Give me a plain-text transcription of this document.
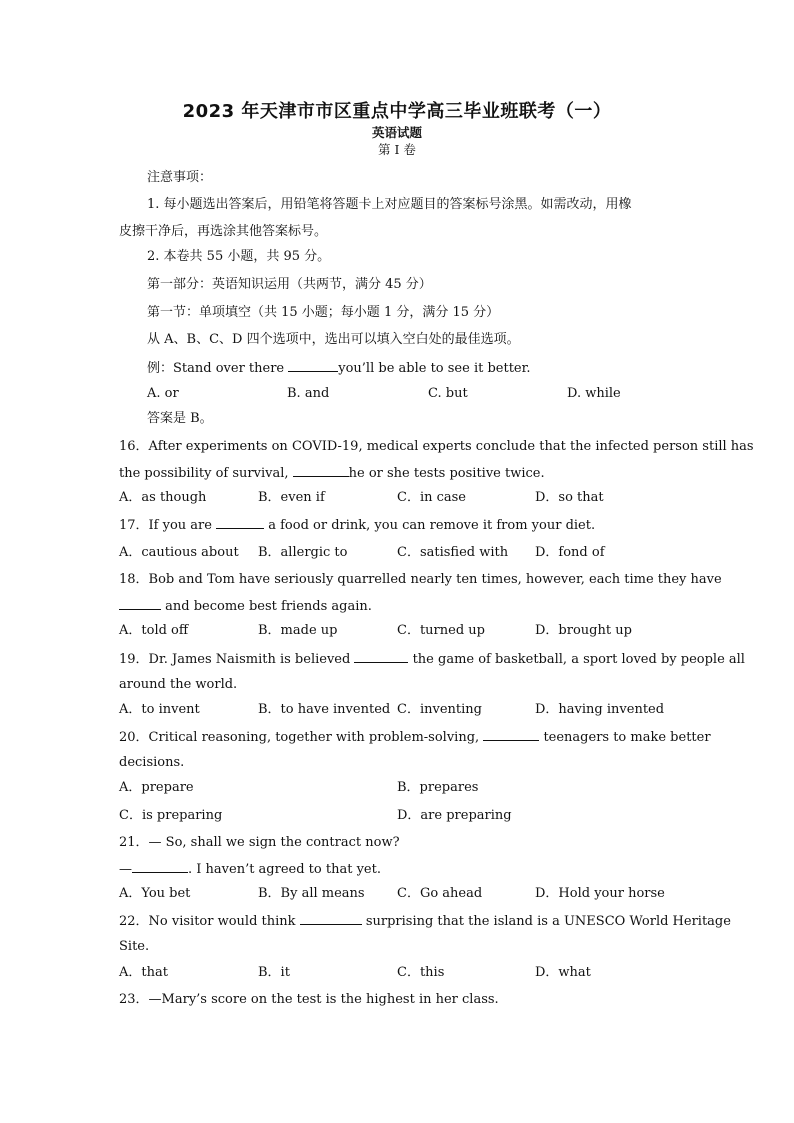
2023 年天津市市区重点中学高三毕业班联考（一）
英语试题
第 I 卷
注意事项：
1. 每小题选出答案后，用铅笔将答题卡上对应题目的答案标号涂黑。如需改动，用橡
皮擦干净后，再选涂其他答案标号。
2. 本卷共 55 小题，共 95 分。
第一部分：英语知识运用（共两节，满分 45 分）
第一节：单项填空（共 15 小题；每小题 1 分，满分 15 分）
从 A、B、C、D 四个选项中，选出可以填入空白处的最佳选项。
例：Stand over there	you’ll be able to see it better.
A. or	B. and	C. but	D. while
答案是 B。
16．After experiments on COVID-19, medical experts conclude that the infected person still has
the possibility of survival,	he or she tests positive twice.
A．as though	B．even if	C．in case	D．so that
17．If you are	a food or drink, you can remove it from your diet.
A．cautious about B．allergic to	C．satisfied with D．fond of
18．Bob and Tom have seriously quarrelled nearly ten times, however, each time they have
and become best friends again.
A．told off	B．made up	C．turned up	D．brought up
19．Dr. James Naismith is believed	the game of basketball, a sport loved by people all
around the world.
A．to invent	B．to have invented C．inventing	D．having invented
20．Critical reasoning, together with problem-solving,	teenagers to make better
decisions.
A．prepare	B．prepares
C．is preparing	D．are preparing
21．— So, shall we sign the contract now?
—	. I haven’t agreed to that yet.
A．You bet	B．By all means C．Go ahead	D．Hold your horse
22．No visitor would think	surprising that the island is a UNESCO World Heritage
Site.
A．that	B．it	C．this	D．what
23．—Mary’s score on the test is the highest in her class.
